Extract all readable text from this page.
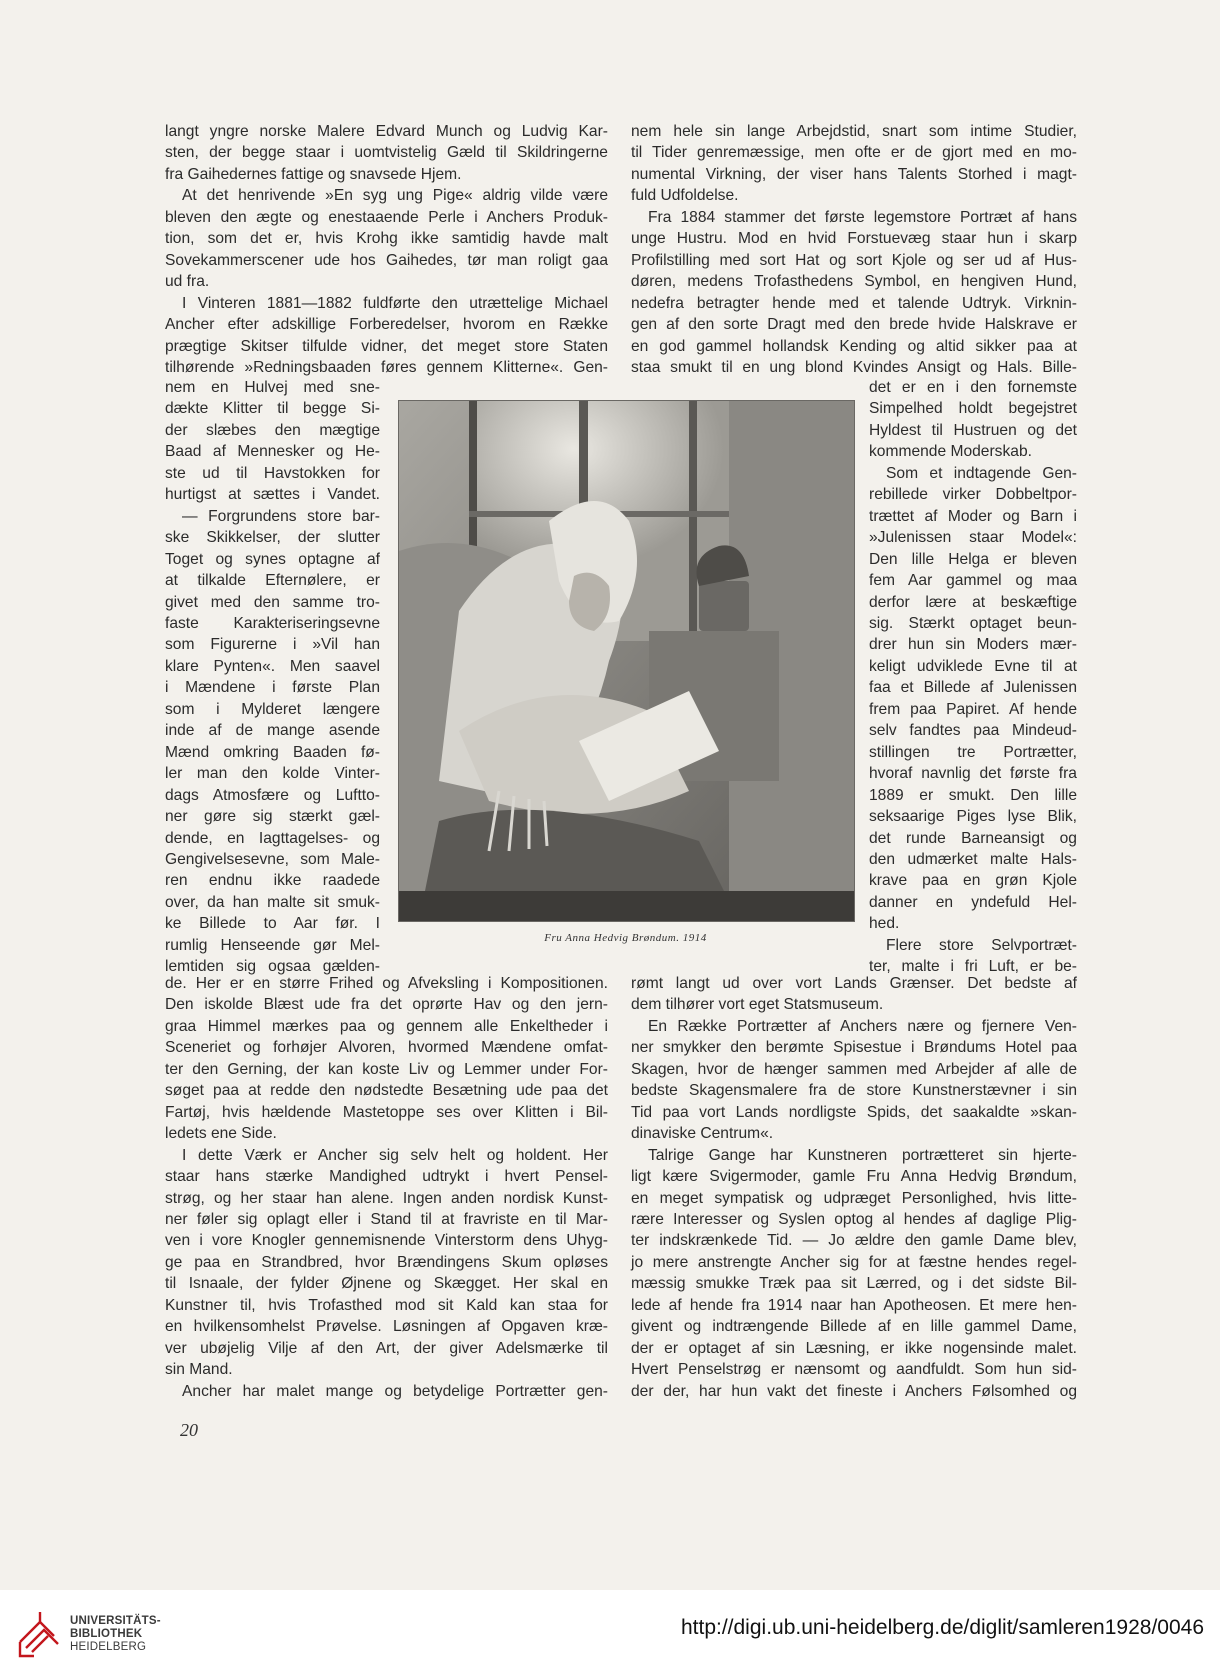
langt yngre norske Malere Edvard Munch og Ludvig Kar-
sten, der begge staar i uomtvistelig Gæld til Skildringerne
fra Gaihedernes fattige og snavsede Hjem.
At det henrivende »En syg ung Pige« aldrig vilde være
bleven den ægte og enestaaende Perle i Anchers Produk-
tion, som det er, hvis Krohg ikke samtidig havde malt
Sovekammerscener ude hos Gaihedes, tør man roligt gaa
ud fra.
I Vinteren 1881—1882 fuldførte den utrættelige Michael
Ancher efter adskillige Forberedelser, hvorom en Række
prægtige Skitser tilfulde vidner, det meget store Staten
tilhørende »Redningsbaaden føres gennem Klitterne«. Gen-
nem en Hulvej med sne-
dækte Klitter til begge Si-
der slæbes den mægtige
Baad af Mennesker og He-
ste ud til Havstokken for
hurtigst at sættes i Vandet.
— Forgrundens store bar-
ske Skikkelser, der slutter
Toget og synes optagne af
at tilkalde Efternølere, er
givet med den samme tro-
faste Karakteriseringsevne
som Figurerne i »Vil han
klare Pynten«. Men saavel
i Mændene i første Plan
som i Mylderet længere
inde af de mange asende
Mænd omkring Baaden fø-
ler man den kolde Vinter-
dags Atmosfære og Luftto-
ner gøre sig stærkt gæl-
dende, en Iagttagelses- og
Gengivelsesevne, som Male-
ren endnu ikke raadede
over, da han malte sit smuk-
ke Billede to Aar før. I
rumlig Henseende gør Mel-
lemtiden sig ogsaa gælden-
de. Her er en større Frihed og Afveksling i Kompositionen.
Den iskolde Blæst ude fra det oprørte Hav og den jern-
graa Himmel mærkes paa og gennem alle Enkeltheder i
Sceneriet og forhøjer Alvoren, hvormed Mændene omfat-
ter den Gerning, der kan koste Liv og Lemmer under For-
søget paa at redde den nødstedte Besætning ude paa det
Fartøj, hvis hældende Mastetoppe ses over Klitten i Bil-
ledets ene Side.
I dette Værk er Ancher sig selv helt og holdent. Her
staar hans stærke Mandighed udtrykt i hvert Pensel-
strøg, og her staar han alene. Ingen anden nordisk Kunst-
ner føler sig oplagt eller i Stand til at fravriste en til Mar-
ven i vore Knogler gennemisnende Vinterstorm dens Uhyg-
ge paa en Strandbred, hvor Brændingens Skum opløses
til Isnaale, der fylder Øjnene og Skægget. Her skal en
Kunstner til, hvis Trofasthed mod sit Kald kan staa for
en hvilkensomhelst Prøvelse. Løsningen af Opgaven kræ-
ver ubøjelig Vilje af den Art, der giver Adelsmærke til
sin Mand.
Ancher har malet mange og betydelige Portrætter gen-
nem hele sin lange Arbejdstid, snart som intime Studier,
til Tider genremæssige, men ofte er de gjort med en mo-
numental Virkning, der viser hans Talents Storhed i magt-
fuld Udfoldelse.
Fra 1884 stammer det første legemstore Portræt af hans
unge Hustru. Mod en hvid Forstuevæg staar hun i skarp
Profilstilling med sort Hat og sort Kjole og ser ud af Hus-
døren, medens Trofasthedens Symbol, en hengiven Hund,
nedefra betragter hende med et talende Udtryk. Virknin-
gen af den sorte Dragt med den brede hvide Halskrave er
en god gammel hollandsk Kending og altid sikker paa at
staa smukt til en ung blond Kvindes Ansigt og Hals. Bille-
det er en i den fornemste
Simpelhed holdt begejstret
Hyldest til Hustruen og det
kommende Moderskab.
Som et indtagende Gen-
rebillede virker Dobbeltpor-
trættet af Moder og Barn i
»Julenissen staar Model«:
Den lille Helga er bleven
fem Aar gammel og maa
derfor lære at beskæftige
sig. Stærkt optaget beun-
drer hun sin Moders mær-
keligt udviklede Evne til at
faa et Billede af Julenissen
frem paa Papiret. Af hende
selv fandtes paa Mindeud-
stillingen tre Portrætter,
hvoraf navnlig det første fra
1889 er smukt. Den lille
seksaarige Piges lyse Blik,
det runde Barneansigt og
den udmærket malte Hals-
krave paa en grøn Kjole
danner en yndefuld Hel-
hed.
Flere store Selvportræt-
ter, malte i fri Luft, er be-
rømt langt ud over vort Lands Grænser. Det bedste af
dem tilhører vort eget Statsmuseum.
En Række Portrætter af Anchers nære og fjernere Ven-
ner smykker den berømte Spisestue i Brøndums Hotel paa
Skagen, hvor de hænger sammen med Arbejder af alle de
bedste Skagensmalere fra de store Kunstnerstævner i sin
Tid paa vort Lands nordligste Spids, det saakaldte »skan-
dinaviske Centrum«.
Talrige Gange har Kunstneren portrætteret sin hjerte-
ligt kære Svigermoder, gamle Fru Anna Hedvig Brøndum,
en meget sympatisk og udpræget Personlighed, hvis litte-
rære Interesser og Syslen optog al hendes af daglige Plig-
ter indskrænkede Tid. — Jo ældre den gamle Dame blev,
jo mere anstrengte Ancher sig for at fæstne hendes regel-
mæssig smukke Træk paa sit Lærred, og i det sidste Bil-
lede af hende fra 1914 naar han Apotheosen. Et mere hen-
givent og indtrængende Billede af en lille gammel Dame,
der er optaget af sin Læsning, er ikke nogensinde malet.
Hvert Penselstrøg er nænsomt og aandfuldt. Som hun sid-
der der, har hun vakt det fineste i Anchers Følsomhed og
Fru Anna Hedvig Brøndum. 1914
20
UNIVERSITÄTS-
BIBLIOTHEK
HEIDELBERG
http://digi.ub.uni-heidelberg.de/diglit/samleren1928/0046
